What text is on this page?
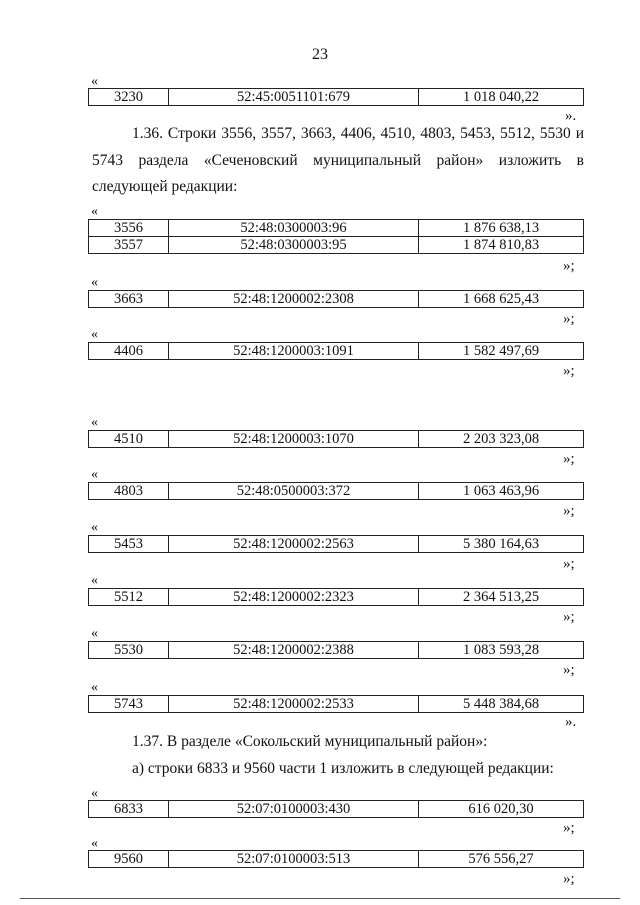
23
«
3230	52:45:0051101:679	1 018 040,22
».
1.36. Строки 3556, 3557, 3663, 4406, 4510, 4803, 5453, 5512, 5530 и
5743 раздела «Сеченовский муниципальный район» изложить в
следующей редакции:
«
3556	52:48:0300003:96	1 876 638,13
3557	52:48:0300003:95	1 874 810,83
»;
«
3663	52:48:1200002:2308	1 668 625,43
»;
«
4406	52:48:1200003:1091	1 582 497,69
»;
«
4510	52:48:1200003:1070	2 203 323,08
»;
«
4803	52:48:0500003:372	1 063 463,96
»;
«
5453	52:48:1200002:2563	5 380 164,63
»;
«
5512	52:48:1200002:2323	2 364 513,25
»;
«
5530	52:48:1200002:2388	1 083 593,28
»;
«
5743	52:48:1200002:2533	5 448 384,68
».
1.37. В разделе «Сокольский муниципальный район»:
а) строки 6833 и 9560 части 1 изложить в следующей редакции:
«
6833	52:07:0100003:430	616 020,30
»;
«
9560	52:07:0100003:513	576 556,27
»;
